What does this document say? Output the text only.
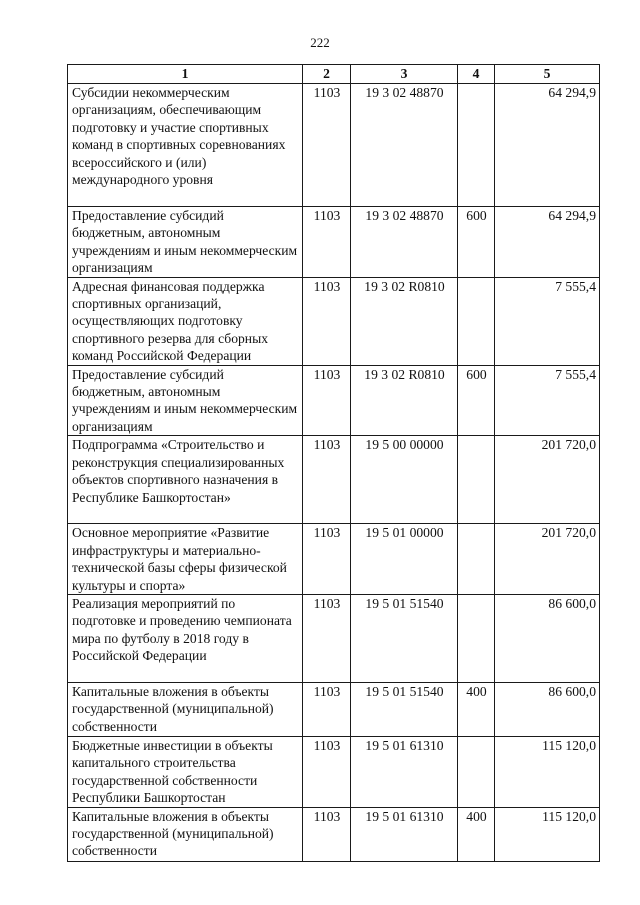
222
1	2	3	4	5
Субсидии некоммерческим организациям, обеспечивающим подготовку и участие спортивных команд в спортивных соревнованиях всероссийского и (или) международного уровня	1103	19 3 02 48870		64 294,9
Предоставление субсидий бюджетным, автономным учреждениям и иным некоммерческим организациям	1103	19 3 02 48870	600	64 294,9
Адресная финансовая поддержка спортивных организаций, осуществляющих подготовку спортивного резерва для сборных команд Российской Федерации	1103	19 3 02 R0810		7 555,4
Предоставление субсидий бюджетным, автономным учреждениям и иным некоммерческим организациям	1103	19 3 02 R0810	600	7 555,4
Подпрограмма «Строительство и реконструкция специализированных объектов спортивного назначения в Республике Башкортостан»	1103	19 5 00 00000		201 720,0
Основное мероприятие «Развитие инфраструктуры и материально-технической базы сферы физической культуры и спорта»	1103	19 5 01 00000		201 720,0
Реализация мероприятий по подготовке и проведению чемпионата мира по футболу в 2018 году в Российской Федерации	1103	19 5 01 51540		86 600,0
Капитальные вложения в объекты государственной (муниципальной) собственности	1103	19 5 01 51540	400	86 600,0
Бюджетные инвестиции в объекты капитального строительства государственной собственности Республики Башкортостан	1103	19 5 01 61310		115 120,0
Капитальные вложения в объекты государственной (муниципальной) собственности	1103	19 5 01 61310	400	115 120,0
